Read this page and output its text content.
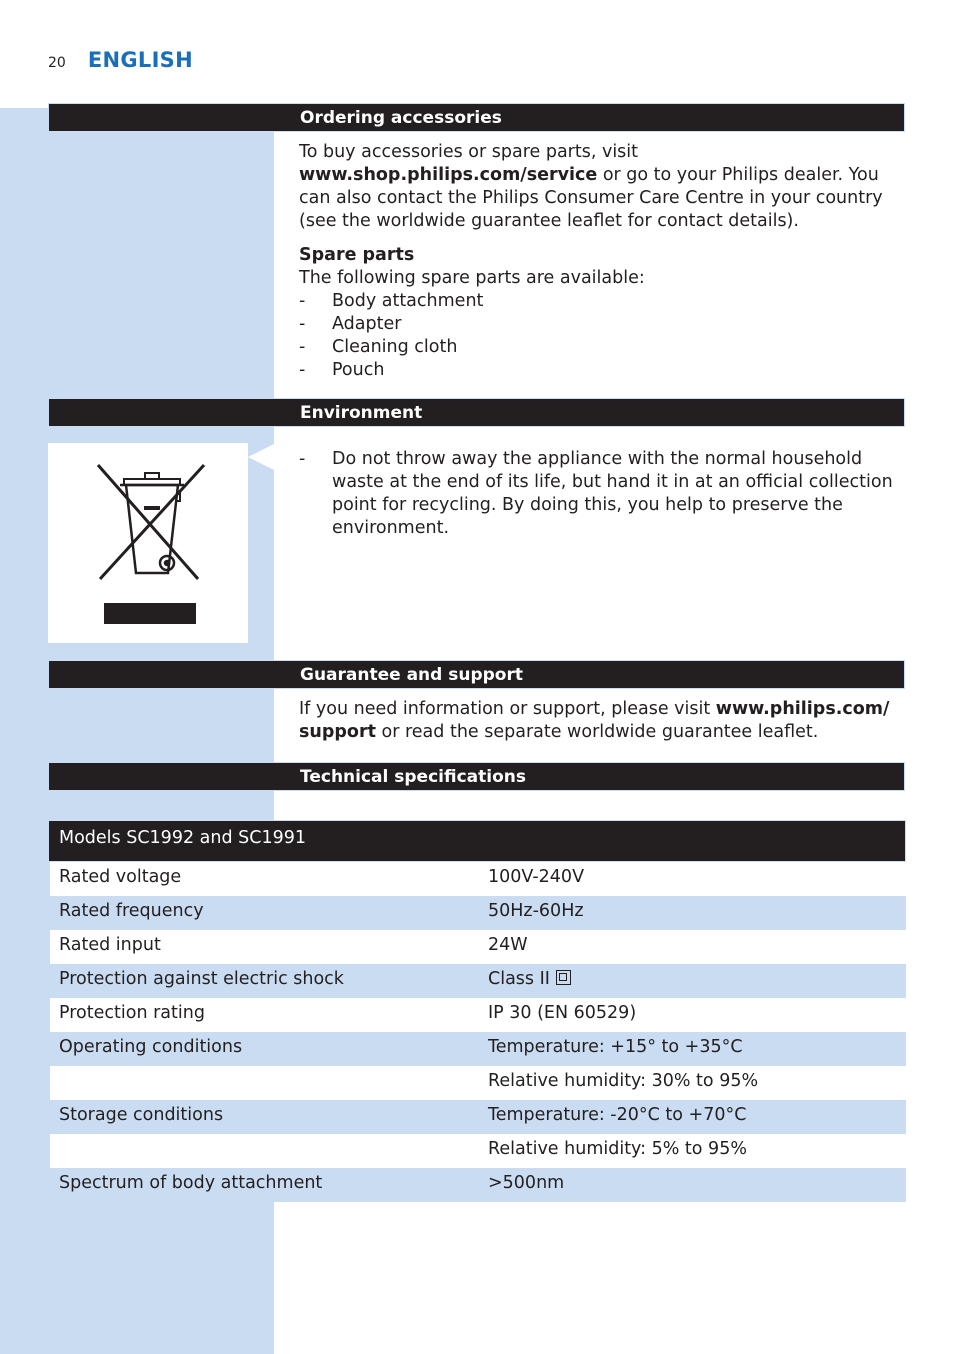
20 ENGLISH
Ordering accessories

To buy accessories or spare parts, visit www.shop.philips.com/service or go to your Philips dealer. You can also contact the Philips Consumer Care Centre in your country (see the worldwide guarantee leaflet for contact details).

Spare parts

The following spare parts are available:

- Body attachment
- Adapter
- Cleaning cloth
- Pouch
Environment
- Do not throw away the appliance with the normal household waste at the end of its life, but hand it in at an official collection point for recycling. By doing this, you help to preserve the environment.
Guarantee and support

If you need information or support, please visit www.philips.com/
support or read the separate worldwide guarantee leaflet.

Technical specifications
Models SC1992 and SC1991
Rated voltage	100V-240V
Rated frequency	50Hz-60Hz
Rated input	24W
Protection against electric shock	Class II
Protection rating	IP 30 (EN 60529)
Operating conditions	Temperature: +15° to +35°C
Relative humidity: 30% to 95%
Storage conditions	Temperature: -20°C to +70°C
Relative humidity: 5% to 95%
Spectrum of body attachment	>500nm
